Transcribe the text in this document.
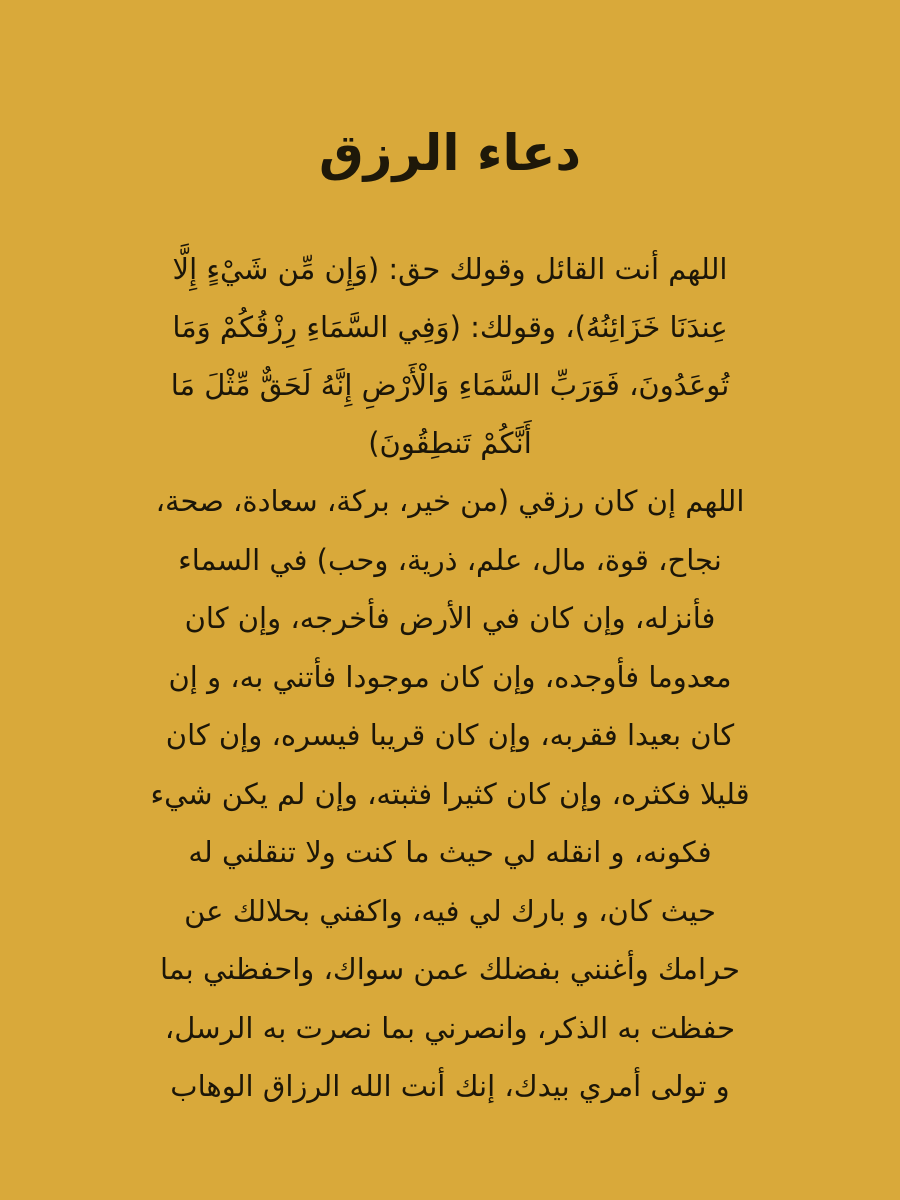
دعاء الرزق

اللهم أنت القائل وقولك حق: (وَإِن مِّن شَيْءٍ إِلَّا
عِندَنَا خَزَائِنُهُ)، وقولك: (وَفِي السَّمَاءِ رِزْقُكُمْ وَمَا
تُوعَدُونَ، فَوَرَبِّ السَّمَاءِ وَالْأَرْضِ إِنَّهُ لَحَقٌّ مِّثْلَ مَا
أَنَّكُمْ تَنطِقُونَ)

اللهم إن كان رزقي (من خير، بركة، سعادة، صحة،
نجاح، قوة، مال، علم، ذرية، وحب) في السماء
فأنزله، وإن كان في الأرض فأخرجه، وإن كان
معدوما فأوجده، وإن كان موجودا فأتني به، و إن
كان بعيدا فقربه، وإن كان قريبا فيسره، وإن كان
قليلا فكثره، وإن كان كثيرا فثبته، وإن لم يكن شيء
فكونه، و انقله لي حيث ما كنت ولا تنقلني له
حيث كان، و بارك لي فيه، واكفني بحلالك عن
حرامك وأغنني بفضلك عمن سواك، واحفظني بما
حفظت به الذكر، وانصرني بما نصرت به الرسل،
و تولى أمري بيدك، إنك أنت الله الرزاق الوهاب
